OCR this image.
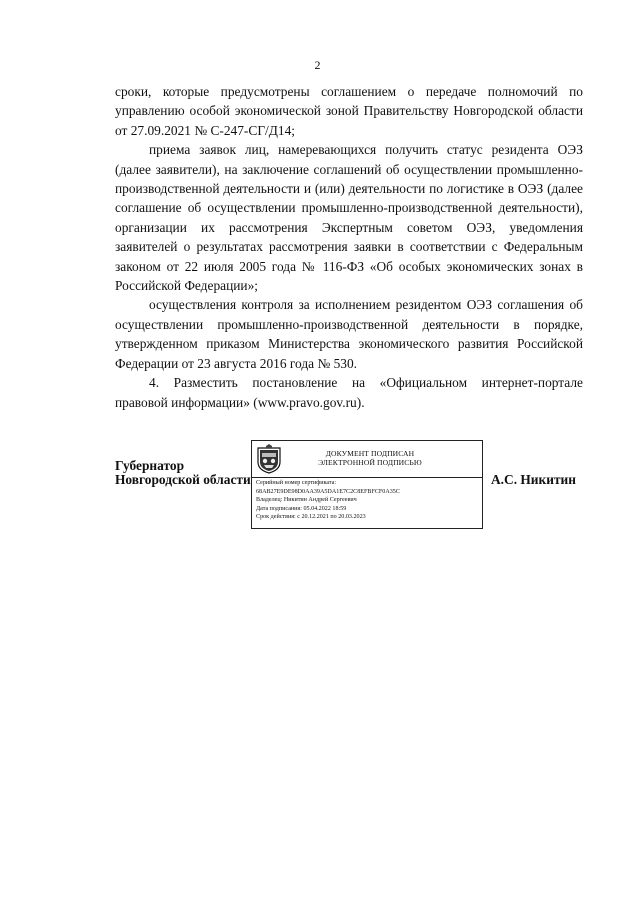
2

сроки, которые предусмотрены соглашением о передаче полномочий по управлению особой экономической зоной Правительству Новгородской области от 27.09.2021 № С-247-СГ/Д14;

приема заявок лиц, намеревающихся получить статус резидента ОЭЗ (далее заявители), на заключение соглашений об осуществлении промышленно-производственной деятельности и (или) деятельности по логистике в ОЭЗ (далее соглашение об осуществлении промышленно-производственной деятельности), организации их рассмотрения Экспертным советом ОЭЗ, уведомления заявителей о результатах рассмотрения заявки в соответствии с Федеральным законом от 22 июля 2005 года № 116-ФЗ «Об особых экономических зонах в Российской Федерации»;

осуществления контроля за исполнением резидентом ОЭЗ соглашения об осуществлении промышленно-производственной деятельности в порядке, утвержденном приказом Министерства экономического развития Российской Федерации от 23 августа 2016 года № 530.

4. Разместить постановление на «Официальном интернет-портале правовой информации» (www.pravo.gov.ru).

Губернатор
Новгородской области
ДОКУМЕНТ ПОДПИСАН
ЭЛЕКТРОННОЙ ПОДПИСЬЮ
Серийный номер сертификата:
68AB27E9DE98D0AA39A5DA1E7C2C8EFBFCF0A35C
Владелец: Никитин Андрей Сергеевич
Дата подписания: 05.04.2022 18:59
Срок действия: с 20.12.2021 по 20.03.2023
А.С. Никитин
